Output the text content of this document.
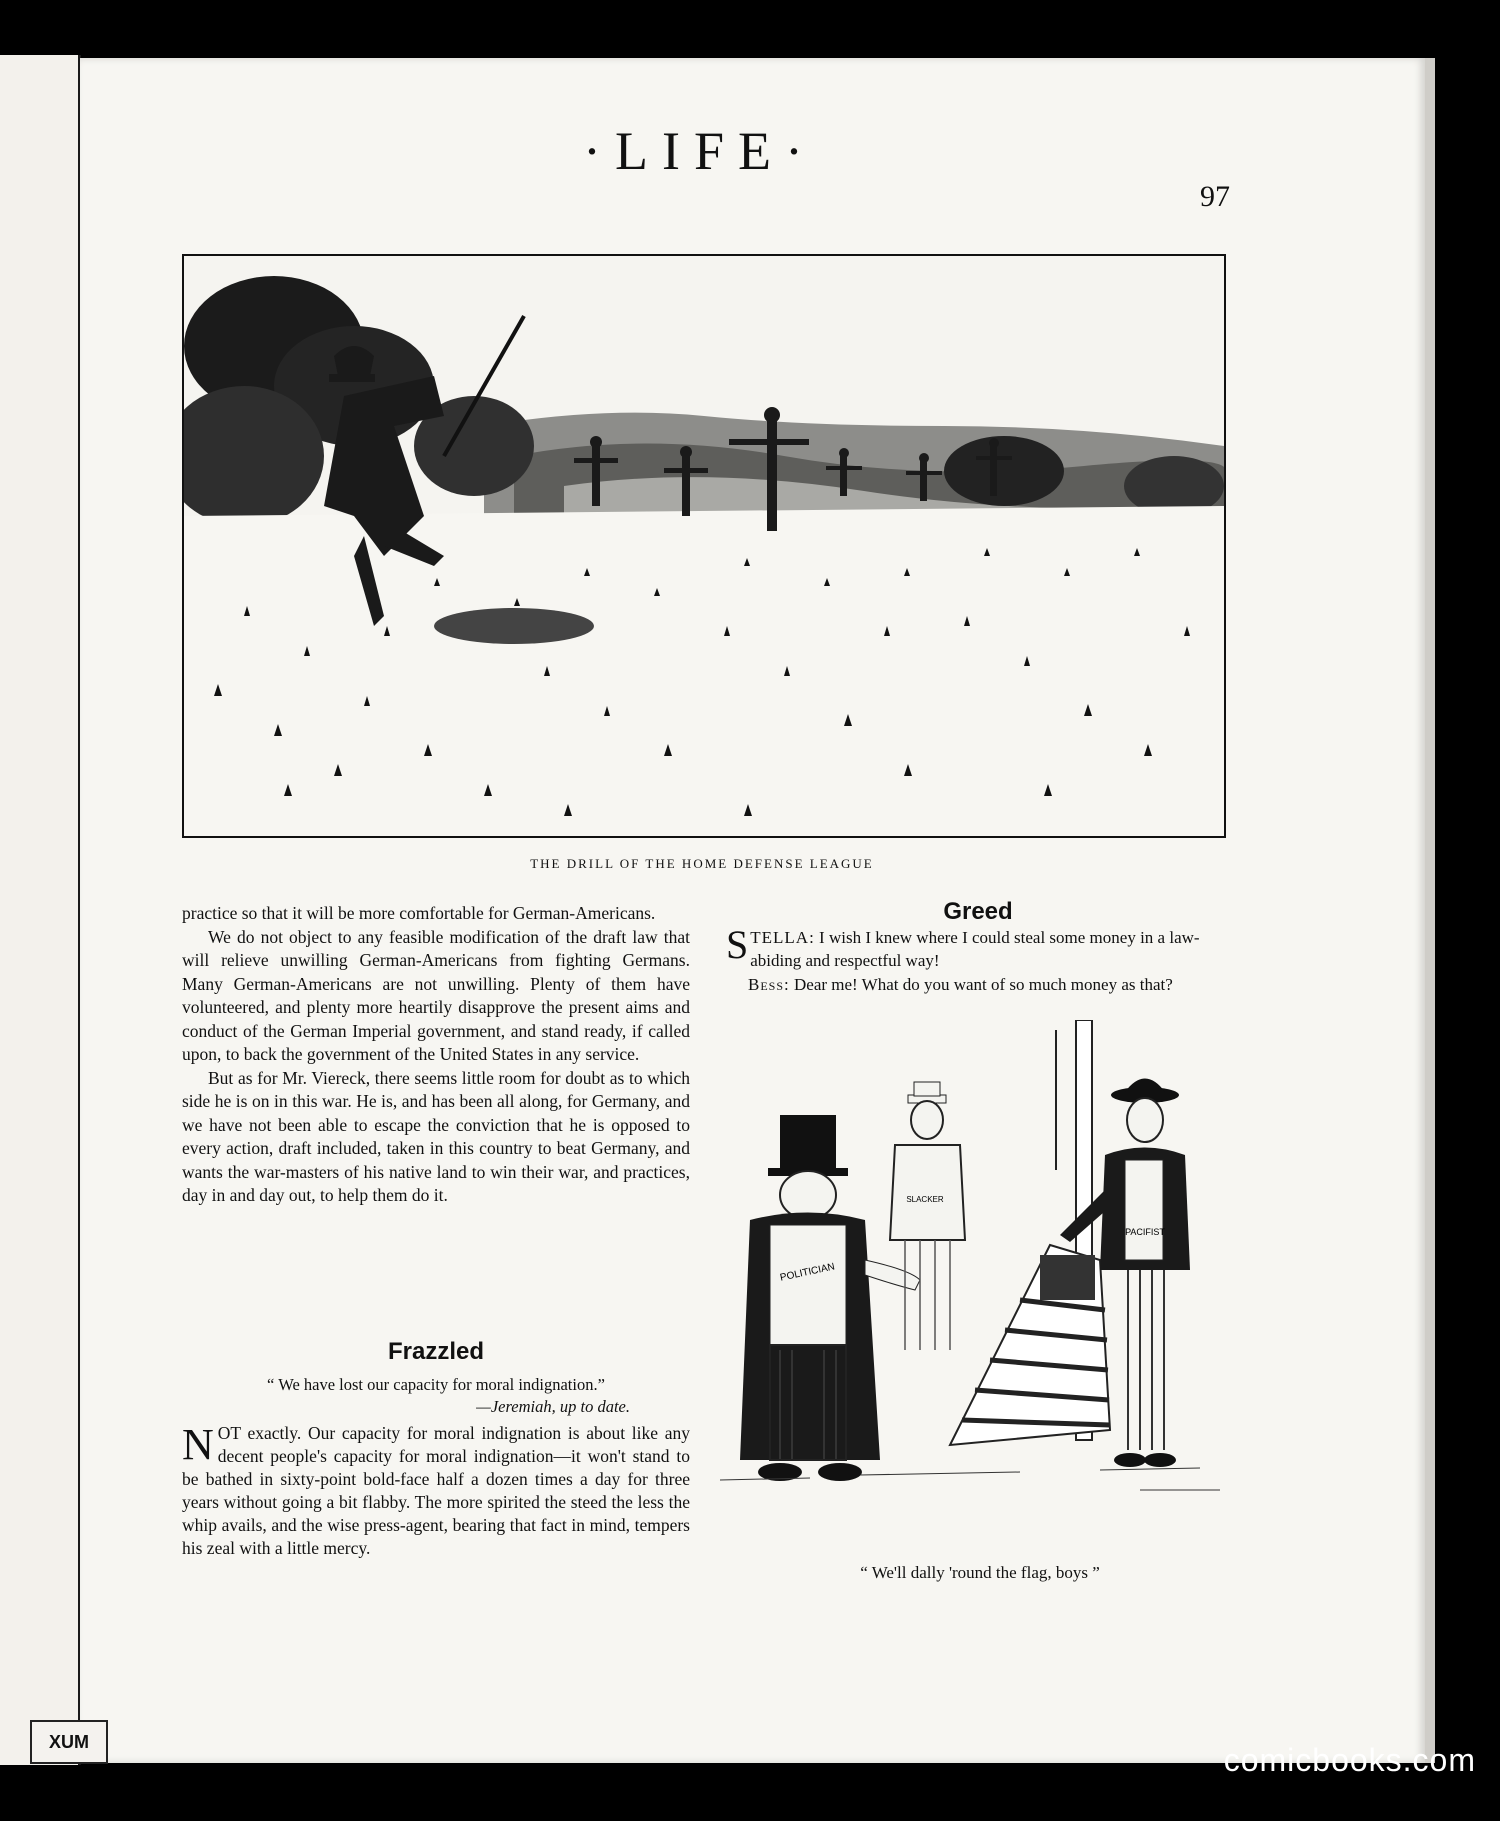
·LIFE·
97
THE DRILL OF THE HOME DEFENSE LEAGUE

practice so that it will be more comfortable for German-Americans.

We do not object to any feasible modification of the draft law that will relieve unwilling German-Americans from fighting Germans. Many German-Americans are not unwilling. Plenty of them have volunteered, and plenty more heartily disapprove the present aims and conduct of the German Imperial government, and stand ready, if called upon, to back the government of the United States in any service.

But as for Mr. Viereck, there seems little room for doubt as to which side he is on in this war. He is, and has been all along, for Germany, and we have not been able to escape the conviction that he is opposed to every action, draft included, taken in this country to beat Germany, and wants the war-masters of his native land to win their war, and practices, day in and day out, to help them do it.

Frazzled
“ We have lost our capacity for moral indignation.”
—Jeremiah, up to date.
N OT exactly. Our capacity for moral indignation is about like any decent people's capacity for moral indignation—it won't stand to be bathed in sixty-point bold-face half a dozen times a day for three years without going a bit flabby. The more spirited the steed the less the whip avails, and the wise press-agent, bearing that fact in mind, tempers his zeal with a little mercy.
Greed

STELLA: I wish I knew where I could steal some money in a law-abiding and respectful way!

Bess: Dear me! What do you want of so much money as that?

POLITICIAN
SLACKER
PACIFIST
“ We'll dally 'round the flag, boys ”
XUM	comicbooks.com
